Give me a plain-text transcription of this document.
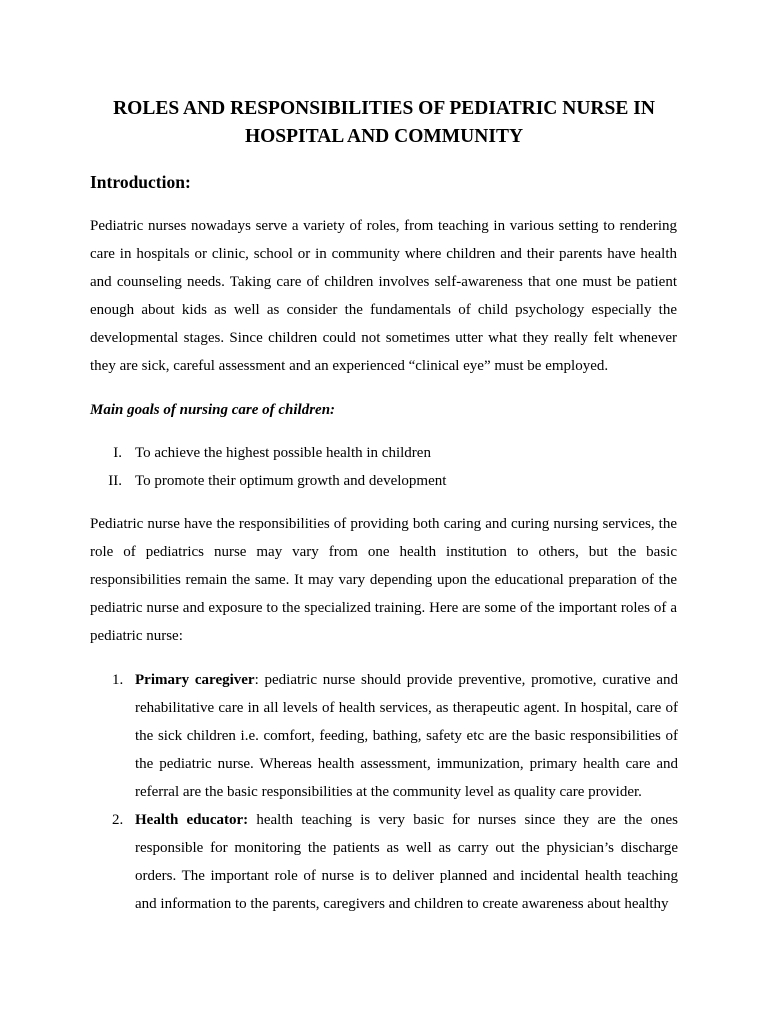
ROLES AND RESPONSIBILITIES OF PEDIATRIC NURSE IN HOSPITAL AND COMMUNITY
Introduction:

Pediatric nurses nowadays serve a variety of roles, from teaching in various setting to rendering care in hospitals or clinic, school or in community where children and their parents have health and counseling needs. Taking care of children involves self-awareness that one must be patient enough about kids as well as consider the fundamentals of child psychology especially the developmental stages. Since children could not sometimes utter what they really felt whenever they are sick, careful assessment and an experienced “clinical eye” must be employed.

Main goals of nursing care of children:

I. To achieve the highest possible health in children
II. To promote their optimum growth and development

Pediatric nurse have the responsibilities of providing both caring and curing nursing services, the role of pediatrics nurse may vary from one health institution to others, but the basic responsibilities remain the same. It may vary depending upon the educational preparation of the pediatric nurse and exposure to the specialized training. Here are some of the important roles of a pediatric nurse:

1. Primary caregiver: pediatric nurse should provide preventive, promotive, curative and rehabilitative care in all levels of health services, as therapeutic agent. In hospital, care of the sick children i.e. comfort, feeding, bathing, safety etc are the basic responsibilities of the pediatric nurse. Whereas health assessment, immunization, primary health care and referral are the basic responsibilities at the community level as quality care provider.
2. Health educator: health teaching is very basic for nurses since they are the ones responsible for monitoring the patients as well as carry out the physician’s discharge orders. The important role of nurse is to deliver planned and incidental health teaching and information to the parents, caregivers and children to create awareness about healthy
